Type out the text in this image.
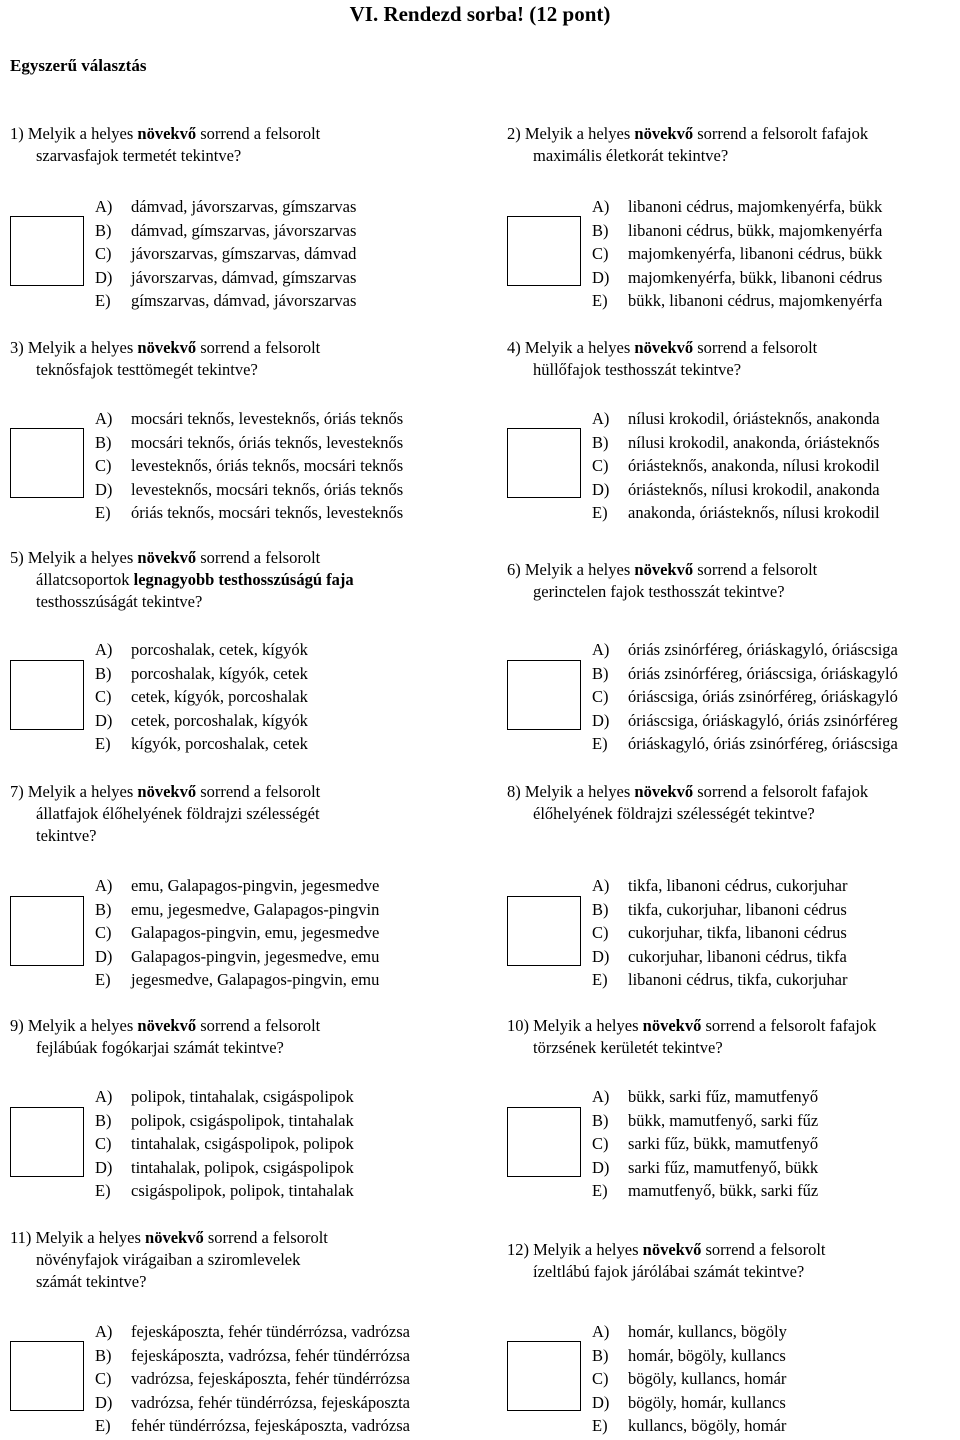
VI. Rendezd sorba! (12 pont)
Egyszerű választás
1) Melyik a helyes növekvő sorrend a felsorolt
szarvasfajok termetét tekintve?
A) dámvad, jávorszarvas, gímszarvas
B) dámvad, gímszarvas, jávorszarvas
C) jávorszarvas, gímszarvas, dámvad
D) jávorszarvas, dámvad, gímszarvas
E) gímszarvas, dámvad, jávorszarvas
2) Melyik a helyes növekvő sorrend a felsorolt fafajok
maximális életkorát tekintve?
A) libanoni cédrus, majomkenyérfa, bükk
B) libanoni cédrus, bükk, majomkenyérfa
C) majomkenyérfa, libanoni cédrus, bükk
D) majomkenyérfa, bükk, libanoni cédrus
E) bükk, libanoni cédrus, majomkenyérfa
3) Melyik a helyes növekvő sorrend a felsorolt
teknősfajok testtömegét tekintve?
A) mocsári teknős, levesteknős, óriás teknős
B) mocsári teknős, óriás teknős, levesteknős
C) levesteknős, óriás teknős, mocsári teknős
D) levesteknős, mocsári teknős, óriás teknős
E) óriás teknős, mocsári teknős, levesteknős
4) Melyik a helyes növekvő sorrend a felsorolt
hüllőfajok testhosszát tekintve?
A) nílusi krokodil, óriásteknős, anakonda
B) nílusi krokodil, anakonda, óriásteknős
C) óriásteknős, anakonda, nílusi krokodil
D) óriásteknős, nílusi krokodil, anakonda
E) anakonda, óriásteknős, nílusi krokodil
5) Melyik a helyes növekvő sorrend a felsorolt
állatcsoportok legnagyobb testhosszúságú faja
testhosszúságát tekintve?
A) porcoshalak, cetek, kígyók
B) porcoshalak, kígyók, cetek
C) cetek, kígyók, porcoshalak
D) cetek, porcoshalak, kígyók
E) kígyók, porcoshalak, cetek
6) Melyik a helyes növekvő sorrend a felsorolt
gerinctelen fajok testhosszát tekintve?
A) óriás zsinórféreg, óriáskagyló, óriáscsiga
B) óriás zsinórféreg, óriáscsiga, óriáskagyló
C) óriáscsiga, óriás zsinórféreg, óriáskagyló
D) óriáscsiga, óriáskagyló, óriás zsinórféreg
E) óriáskagyló, óriás zsinórféreg, óriáscsiga
7) Melyik a helyes növekvő sorrend a felsorolt
állatfajok élőhelyének földrajzi szélességét
tekintve?
A) emu, Galapagos-pingvin, jegesmedve
B) emu, jegesmedve, Galapagos-pingvin
C) Galapagos-pingvin, emu, jegesmedve
D) Galapagos-pingvin, jegesmedve, emu
E) jegesmedve, Galapagos-pingvin, emu
8) Melyik a helyes növekvő sorrend a felsorolt fafajok
élőhelyének földrajzi szélességét tekintve?
A) tikfa, libanoni cédrus, cukorjuhar
B) tikfa, cukorjuhar, libanoni cédrus
C) cukorjuhar, tikfa, libanoni cédrus
D) cukorjuhar, libanoni cédrus, tikfa
E) libanoni cédrus, tikfa, cukorjuhar
9) Melyik a helyes növekvő sorrend a felsorolt
fejlábúak fogókarjai számát tekintve?
A) polipok, tintahalak, csigáspolipok
B) polipok, csigáspolipok, tintahalak
C) tintahalak, csigáspolipok, polipok
D) tintahalak, polipok, csigáspolipok
E) csigáspolipok, polipok, tintahalak
10) Melyik a helyes növekvő sorrend a felsorolt fafajok
törzsének kerületét tekintve?
A) bükk, sarki fűz, mamutfenyő
B) bükk, mamutfenyő, sarki fűz
C) sarki fűz, bükk, mamutfenyő
D) sarki fűz, mamutfenyő, bükk
E) mamutfenyő, bükk, sarki fűz
11) Melyik a helyes növekvő sorrend a felsorolt
növényfajok virágaiban a sziromlevelek
számát tekintve?
A) fejeskáposzta, fehér tündérrózsa, vadrózsa
B) fejeskáposzta, vadrózsa, fehér tündérrózsa
C) vadrózsa, fejeskáposzta, fehér tündérrózsa
D) vadrózsa, fehér tündérrózsa, fejeskáposzta
E) fehér tündérrózsa, fejeskáposzta, vadrózsa
12) Melyik a helyes növekvő sorrend a felsorolt
ízeltlábú fajok járólábai számát tekintve?
A) homár, kullancs, bögöly
B) homár, bögöly, kullancs
C) bögöly, kullancs, homár
D) bögöly, homár, kullancs
E) kullancs, bögöly, homár
